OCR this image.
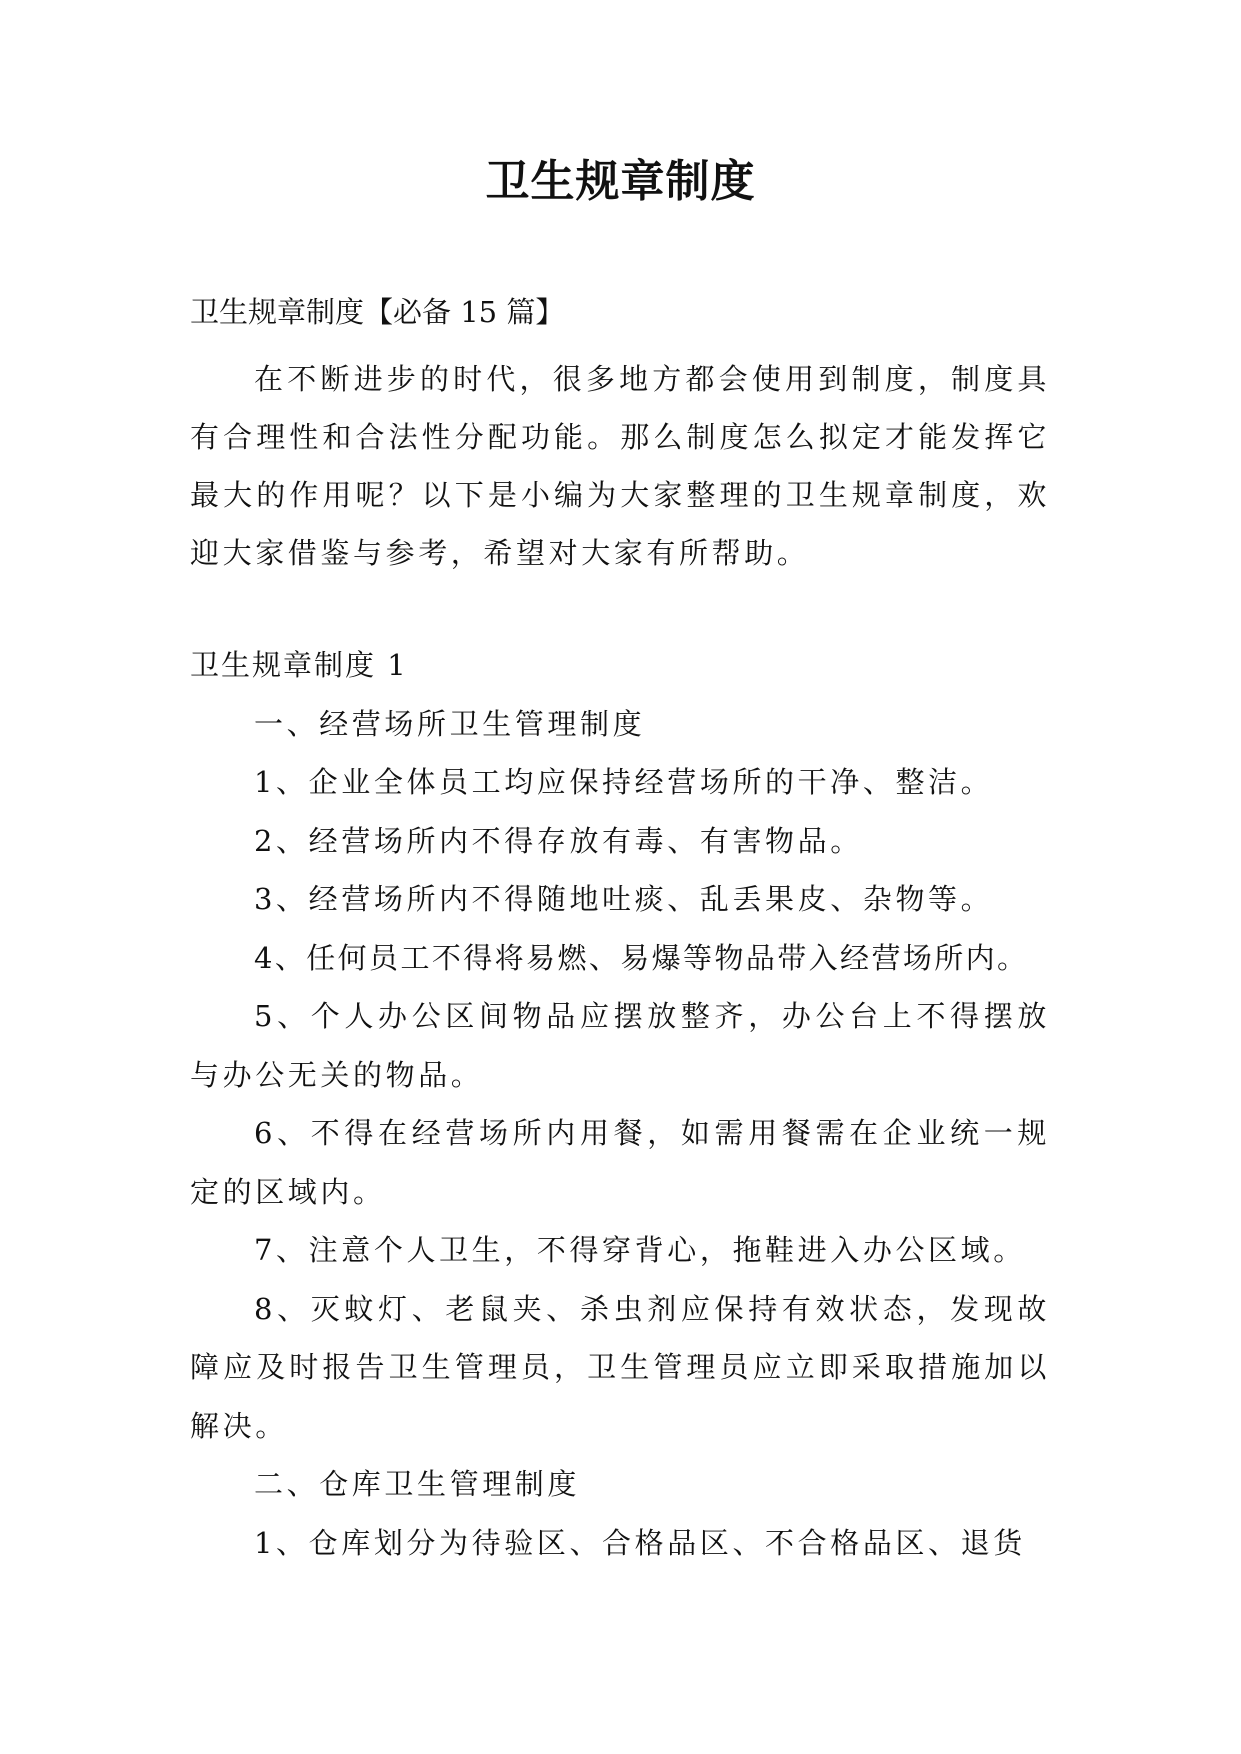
卫生规章制度
卫生规章制度【必备 15 篇】
在不断进步的时代，很多地方都会使用到制度，制度具有合理性和合法性分配功能。那么制度怎么拟定才能发挥它最大的作用呢？以下是小编为大家整理的卫生规章制度，欢迎大家借鉴与参考，希望对大家有所帮助。

卫生规章制度 1

一、经营场所卫生管理制度

1、企业全体员工均应保持经营场所的干净、整洁。

2、经营场所内不得存放有毒、有害物品。

3、经营场所内不得随地吐痰、乱丢果皮、杂物等。

4、任何员工不得将易燃、易爆等物品带入经营场所内。

5、个人办公区间物品应摆放整齐，办公台上不得摆放与办公无关的物品。

6、不得在经营场所内用餐，如需用餐需在企业统一规定的区域内。

7、注意个人卫生，不得穿背心，拖鞋进入办公区域。

8、灭蚊灯、老鼠夹、杀虫剂应保持有效状态，发现故障应及时报告卫生管理员，卫生管理员应立即采取措施加以解决。

二、仓库卫生管理制度

1、仓库划分为待验区、合格品区、不合格品区、退货
